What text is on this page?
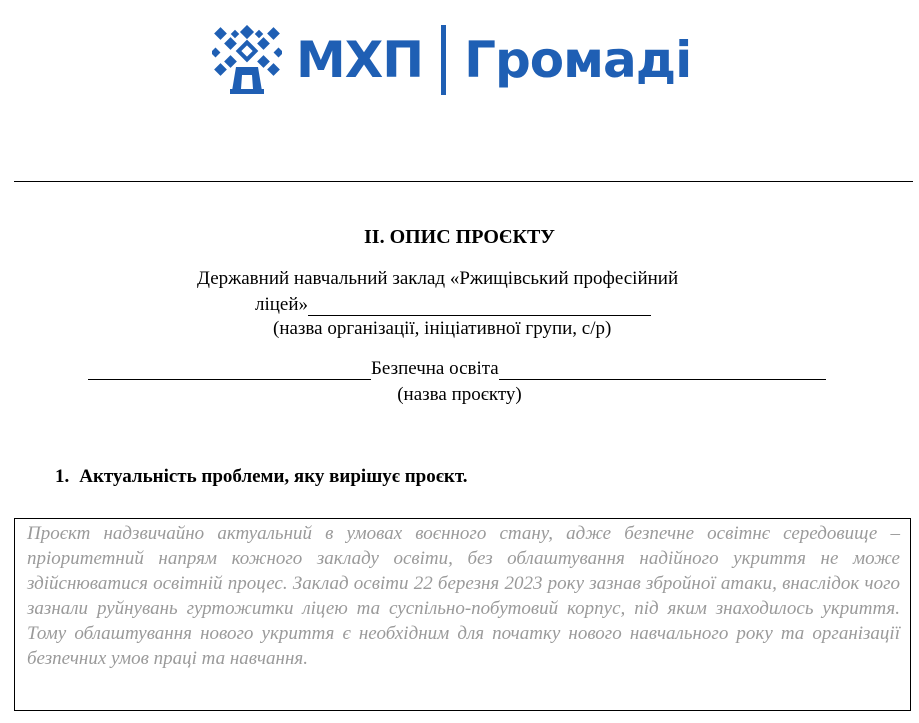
МХП Громаді
ІІ. ОПИС ПРОЄКТУ
Державний навчальний заклад «Ржищівський професійний
ліцей»
(назва організації, ініціативної групи, с/р)
Безпечна освіта
(назва проєкту)
1. Актуальність проблеми, яку вирішує проєкт.

Проєкт надзвичайно актуальний в умовах воєнного стану, адже безпечне освітнє середовище – пріоритетний напрям кожного закладу освіти, без облаштування надійного укриття не може здійснюватися освітній процес. Заклад освіти 22 березня 2023 року зазнав збройної атаки, внаслідок чого зазнали руйнувань гуртожитки ліцею та суспільно-побутовий корпус, під яким знаходилось укриття. Тому облаштування нового укриття є необхідним для початку нового навчального року та організації безпечних умов праці та навчання.
